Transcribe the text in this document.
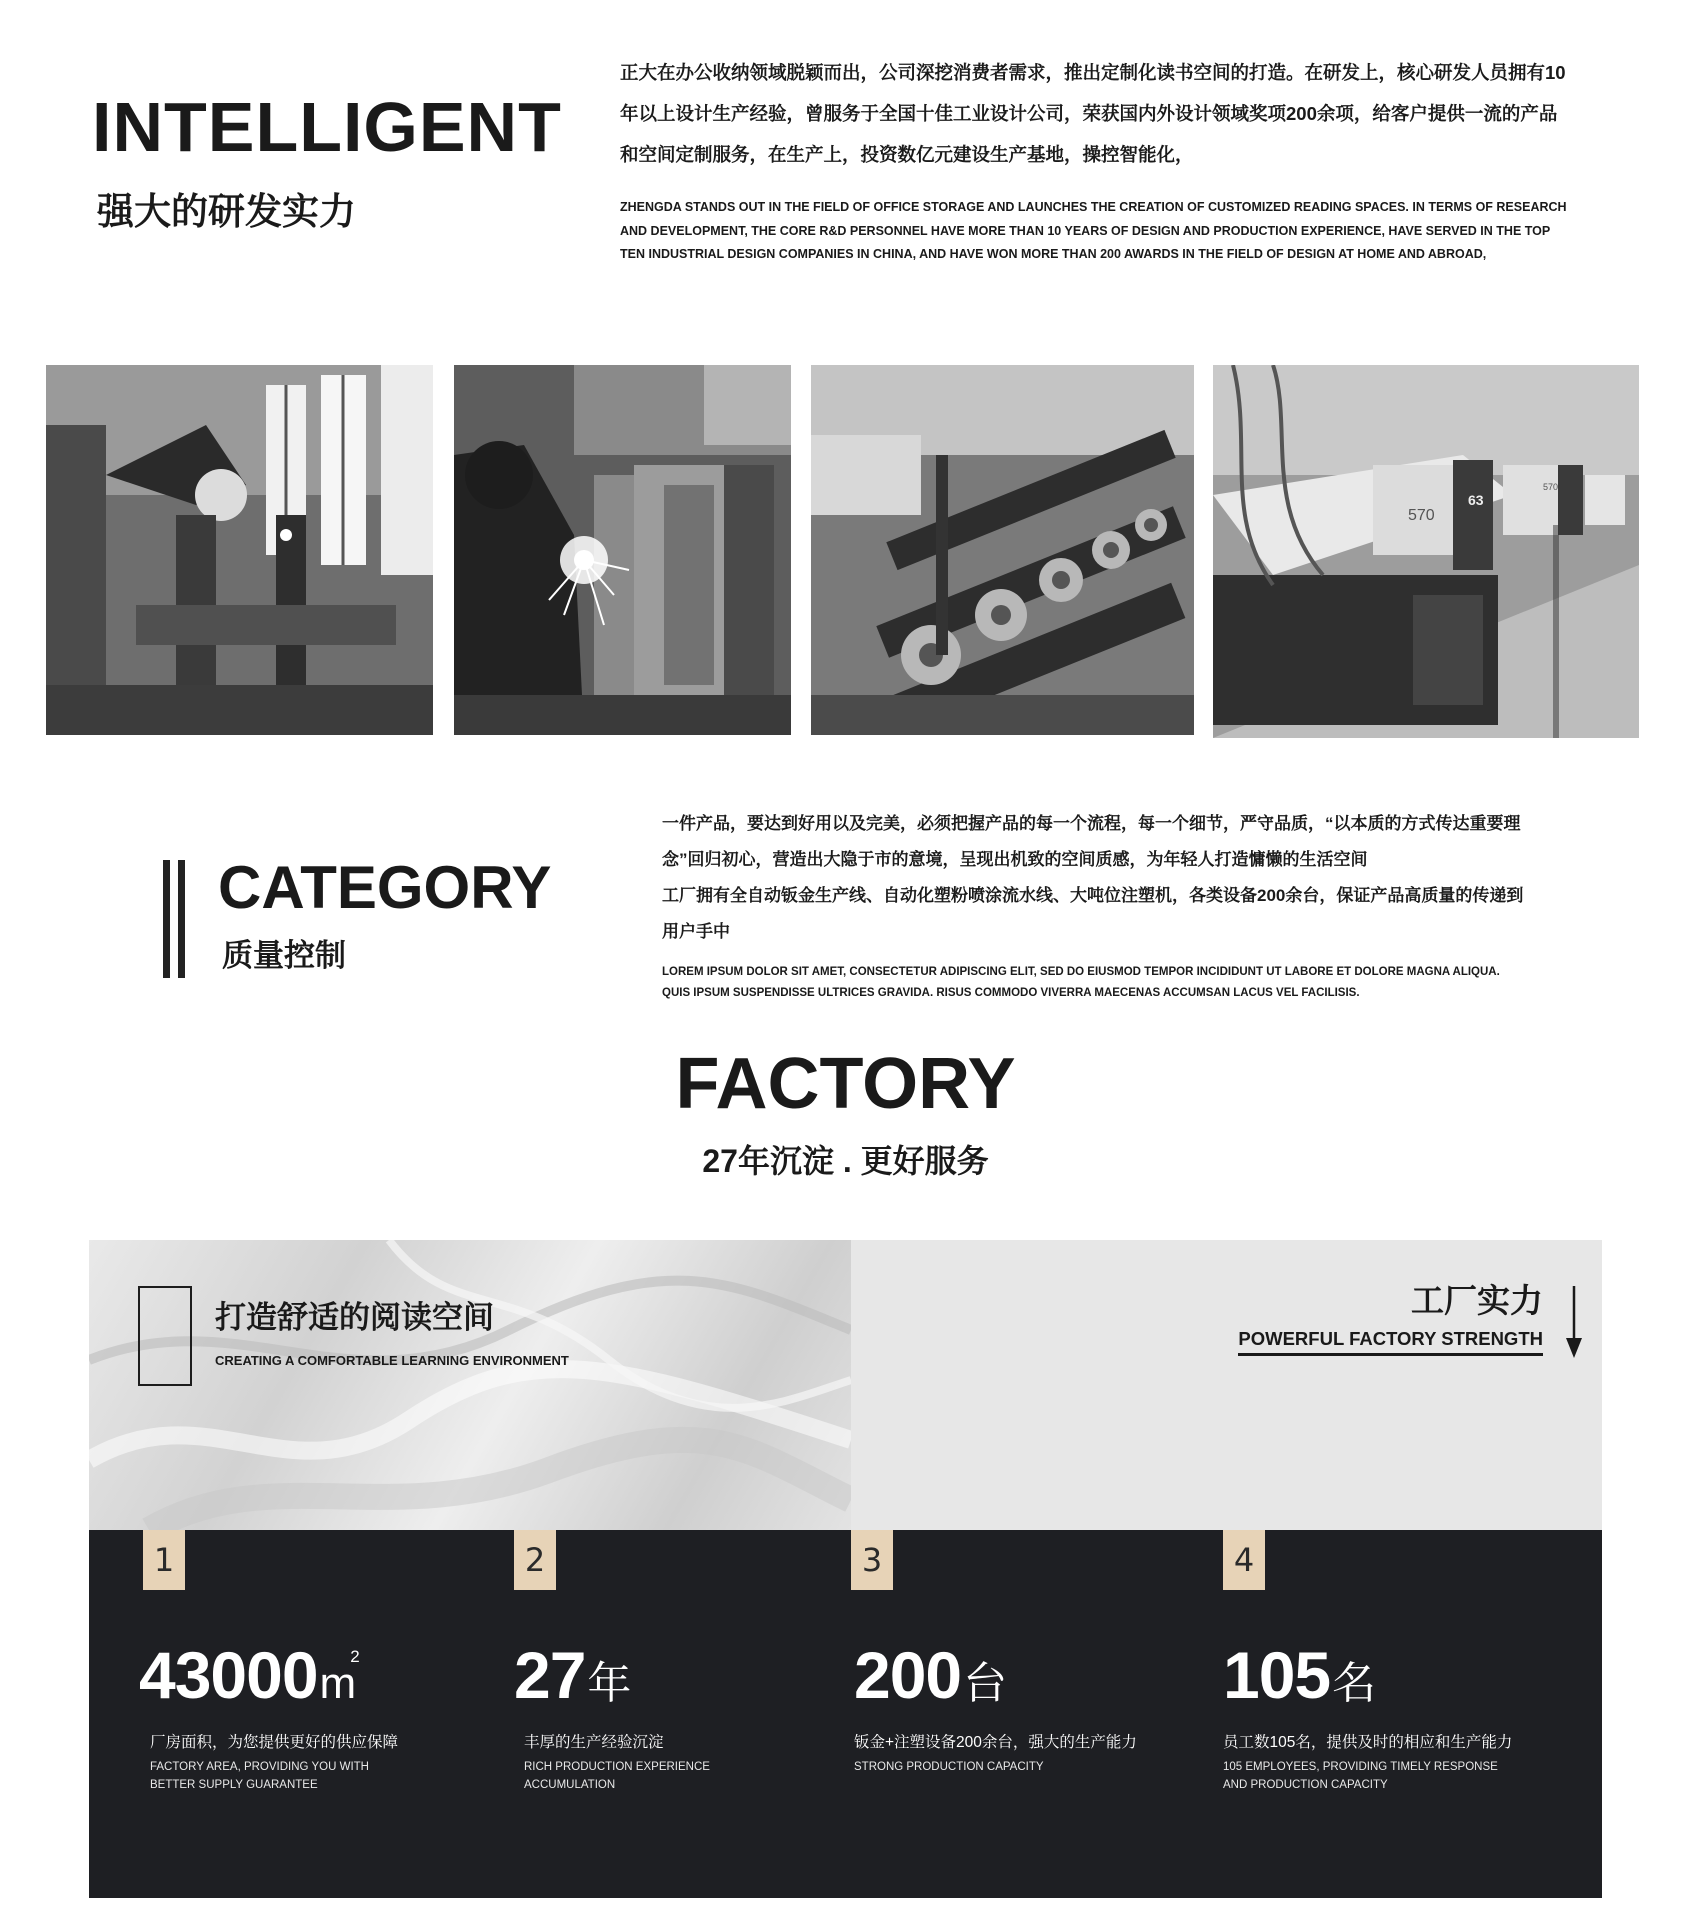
INTELLIGENT
强大的研发实力
正大在办公收纳领域脱颖而出，公司深挖消费者需求，推出定制化读书空间的打造。在研发上，核心研发人员拥有10
年以上设计生产经验，曾服务于全国十佳工业设计公司，荣获国内外设计领域奖项200余项，给客户提供一流的产品
和空间定制服务，在生产上，投资数亿元建设生产基地，操控智能化，
ZHENGDA STANDS OUT IN THE FIELD OF OFFICE STORAGE AND LAUNCHES THE CREATION OF CUSTOMIZED READING SPACES. IN TERMS OF RESEARCH
AND DEVELOPMENT, THE CORE R&D PERSONNEL HAVE MORE THAN 10 YEARS OF DESIGN AND PRODUCTION EXPERIENCE, HAVE SERVED IN THE TOP
TEN INDUSTRIAL DESIGN COMPANIES IN CHINA, AND HAVE WON MORE THAN 200 AWARDS IN THE FIELD OF DESIGN AT HOME AND ABROAD,
570
63
570
CATEGORY
质量控制
一件产品，要达到好用以及完美，必须把握产品的每一个流程，每一个细节，严守品质，“以本质的方式传达重要理
念”回归初心，营造出大隐于市的意境，呈现出机致的空间质感，为年轻人打造慵懒的生活空间
工厂拥有全自动钣金生产线、自动化塑粉喷涂流水线、大吨位注塑机，各类设备200余台，保证产品高质量的传递到
用户手中
LOREM IPSUM DOLOR SIT AMET, CONSECTETUR ADIPISCING ELIT, SED DO EIUSMOD TEMPOR INCIDIDUNT UT LABORE ET DOLORE MAGNA ALIQUA.
QUIS IPSUM SUSPENDISSE ULTRICES GRAVIDA. RISUS COMMODO VIVERRA MAECENAS ACCUMSAN LACUS VEL FACILISIS.
FACTORY
27年沉淀 . 更好服务
打造舒适的阅读空间
CREATING A COMFORTABLE LEARNING ENVIRONMENT
工厂实力
POWERFUL FACTORY STRENGTH
1
43000m2
厂房面积，为您提供更好的供应保障
FACTORY AREA, PROVIDING YOU WITH
BETTER SUPPLY GUARANTEE
2
27年
丰厚的生产经验沉淀
RICH PRODUCTION EXPERIENCE
ACCUMULATION
3
200台
钣金+注塑设备200余台，强大的生产能力
STRONG PRODUCTION CAPACITY
4
105名
员工数105名，提供及时的相应和生产能力
105 EMPLOYEES, PROVIDING TIMELY RESPONSE
AND PRODUCTION CAPACITY
